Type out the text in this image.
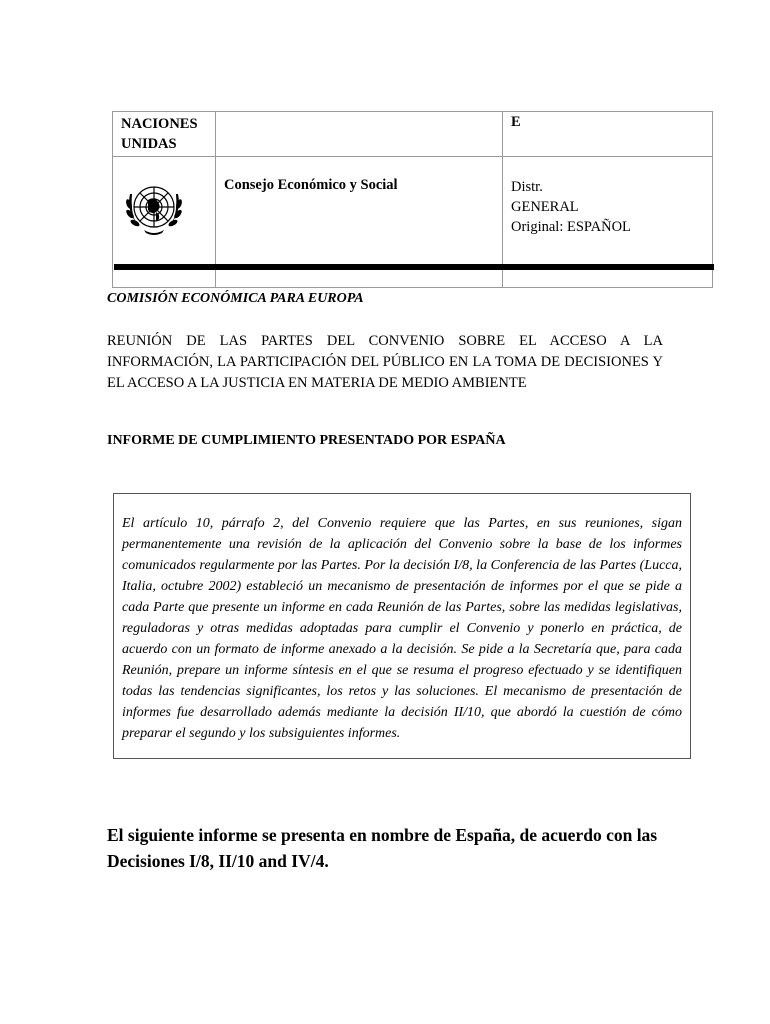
NACIONES
UNIDAS		E
	Consejo Económico y Social	Distr.
GENERAL
Original: ESPAÑOL
COMISIÓN ECONÓMICA PARA EUROPA
REUNIÓN DE LAS PARTES DEL CONVENIO SOBRE EL ACCESO A LA INFORMACIÓN, LA PARTICIPACIÓN DEL PÚBLICO EN LA TOMA DE DECISIONES Y EL ACCESO A LA JUSTICIA EN MATERIA DE MEDIO AMBIENTE
INFORME DE CUMPLIMIENTO PRESENTADO POR ESPAÑA

El artículo 10, párrafo 2, del Convenio requiere que las Partes, en sus reuniones, sigan permanentemente una revisión de la aplicación del Convenio sobre la base de los informes comunicados regularmente por las Partes. Por la decisión I/8, la Conferencia de las Partes (Lucca, Italia, octubre 2002) estableció un mecanismo de presentación de informes por el que se pide a cada Parte que presente un informe en cada Reunión de las Partes, sobre las medidas legislativas, reguladoras y otras medidas adoptadas para cumplir el Convenio y ponerlo en práctica, de acuerdo con un formato de informe anexado a la decisión. Se pide a la Secretaría que, para cada Reunión, prepare un informe síntesis en el que se resuma el progreso efectuado y se identifiquen todas las tendencias significantes, los retos y las soluciones. El mecanismo de presentación de informes fue desarrollado además mediante la decisión II/10, que abordó la cuestión de cómo preparar el segundo y los subsiguientes informes.

El siguiente informe se presenta en nombre de España, de acuerdo con las Decisiones I/8, II/10 and IV/4.
